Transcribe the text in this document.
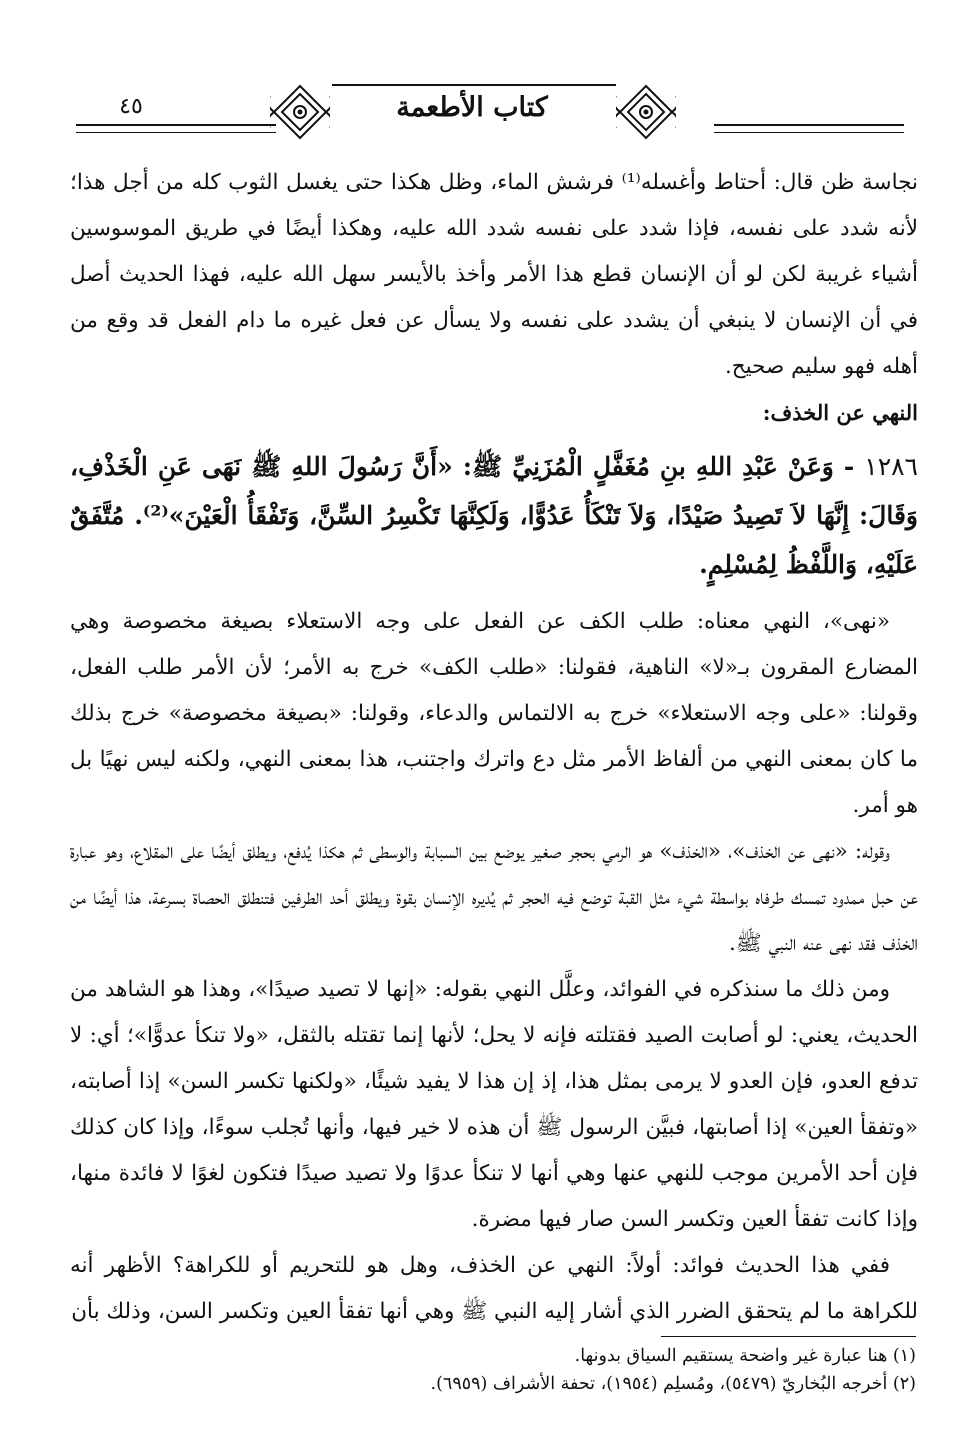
٤٥	كتاب الأطعمة

نجاسة ظن قال: أحتاط وأغسله⁽¹⁾ فرشش الماء، وظل هكذا حتى يغسل الثوب كله من أجل هذا؛ لأنه شدد على نفسه، فإذا شدد على نفسه شدد الله عليه، وهكذا أيضًا في طريق الموسوسين أشياء غريبة لكن لو أن الإنسان قطع هذا الأمر وأخذ بالأيسر سهل الله عليه، فهذا الحديث أصل في أن الإنسان لا ينبغي أن يشدد على نفسه ولا يسأل عن فعل غيره ما دام الفعل قد وقع من أهله فهو سليم صحيح.

النهي عن الخذف:

١٢٨٦ - وَعَنْ عَبْدِ اللهِ بنِ مُغَفَّلٍ الْمُزَنِيِّ ﷺ: «أَنَّ رَسُولَ اللهِ ﷺ نَهَى عَنِ الْخَذْفِ، وَقَالَ: إِنَّهَا لاَ تَصِيدُ صَيْدًا، وَلاَ تَنْكَأُ عَدُوًّا، وَلَكِنَّهَا تَكْسِرُ السِّنَّ، وَتَفْقَأُ الْعَيْنَ»⁽²⁾. مُتَّفَقٌ عَلَيْهِ، وَاللَّفْظُ لِمُسْلِمٍ.

«نهى»، النهي معناه: طلب الكف عن الفعل على وجه الاستعلاء بصيغة مخصوصة وهي المضارع المقرون بـ«لا» الناهية، فقولنا: «طلب الكف» خرج به الأمر؛ لأن الأمر طلب الفعل، وقولنا: «على وجه الاستعلاء» خرج به الالتماس والدعاء، وقولنا: «بصيغة مخصوصة» خرج بذلك ما كان بمعنى النهي من ألفاظ الأمر مثل دع واترك واجتنب، هذا بمعنى النهي، ولكنه ليس نهيًا بل هو أمر.

وقوله: «نهى عن الخذف»، «الخذف» هو الرمي بحجر صغير يوضع بين السبابة والوسطى ثم هكذا يُدفع، ويطلق أيضًا على المقلاع، وهو عبارة عن حبل ممدود تمسك طرفاه بواسطة شيء مثل القبة توضع فيه الحجر ثم يُديره الإنسان بقوة ويطلق أحد الطرفين فتنطلق الحصاة بسرعة، هذا أيضًا من الخذف فقد نهى عنه النبي ﷺ.

ومن ذلك ما سنذكره في الفوائد، وعلَّل النهي بقوله: «إنها لا تصيد صيدًا»، وهذا هو الشاهد من الحديث، يعني: لو أصابت الصيد فقتلته فإنه لا يحل؛ لأنها إنما تقتله بالثقل، «ولا تنكأ عدوًّا»؛ أي: لا تدفع العدو، فإن العدو لا يرمى بمثل هذا، إذ إن هذا لا يفيد شيئًا، «ولكنها تكسر السن» إذا أصابته، «وتفقأ العين» إذا أصابتها، فبيَّن الرسول ﷺ أن هذه لا خير فيها، وأنها تُجلب سوءًا، وإذا كان كذلك فإن أحد الأمرين موجب للنهي عنها وهي أنها لا تنكأ عدوًا ولا تصيد صيدًا فتكون لغوًا لا فائدة منها، وإذا كانت تفقأ العين وتكسر السن صار فيها مضرة.

ففي هذا الحديث فوائد: أولاً: النهي عن الخذف، وهل هو للتحريم أو للكراهة؟ الأظهر أنه للكراهة ما لم يتحقق الضرر الذي أشار إليه النبي ﷺ وهي أنها تفقأ العين وتكسر السن، وذلك بأن

(١) هنا عبارة غير واضحة يستقيم السياق بدونها.

(٢) أخرجه البُخاريّ (٥٤٧٩)، ومُسلِم (١٩٥٤)، تحفة الأشراف (٦٩٥٩).
